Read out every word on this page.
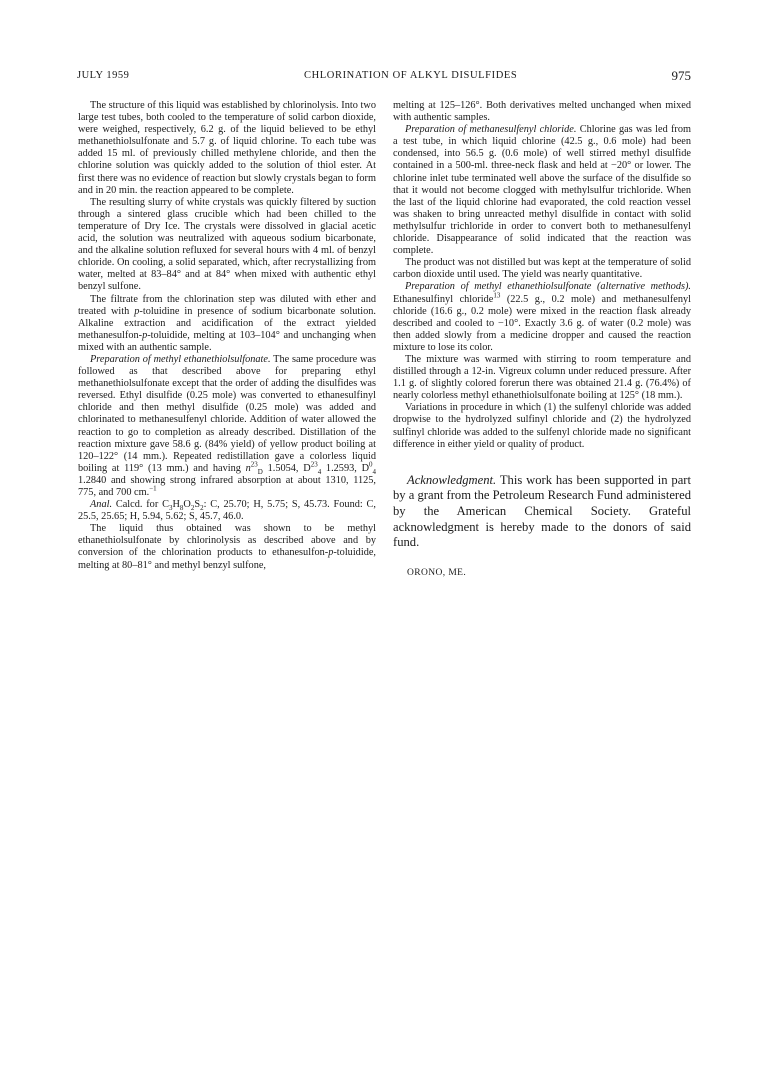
JULY 1959	CHLORINATION OF ALKYL DISULFIDES	975

The structure of this liquid was established by chlorinolysis. Into two large test tubes, both cooled to the temperature of solid carbon dioxide, were weighed, respectively, 6.2 g. of the liquid believed to be ethyl methanethiolsulfonate and 5.7 g. of liquid chlorine. To each tube was added 15 ml. of previously chilled methylene chloride, and then the chlorine solution was quickly added to the solution of thiol ester. At first there was no evidence of reaction but slowly crystals began to form and in 20 min. the reaction appeared to be complete.

The resulting slurry of white crystals was quickly filtered by suction through a sintered glass crucible which had been chilled to the temperature of Dry Ice. The crystals were dissolved in glacial acetic acid, the solution was neutralized with aqueous sodium bicarbonate, and the alkaline solution refluxed for several hours with 4 ml. of benzyl chloride. On cooling, a solid separated, which, after recrystallizing from water, melted at 83–84° and at 84° when mixed with authentic ethyl benzyl sulfone.

The filtrate from the chlorination step was diluted with ether and treated with p-toluidine in presence of sodium bicarbonate solution. Alkaline extraction and acidification of the extract yielded methanesulfon-p-toluidide, melting at 103–104° and unchanging when mixed with an authentic sample.

Preparation of methyl ethanethiolsulfonate. The same procedure was followed as that described above for preparing ethyl methanethiolsulfonate except that the order of adding the disulfides was reversed. Ethyl disulfide (0.25 mole) was converted to ethanesulfinyl chloride and then methyl disulfide (0.25 mole) was added and chlorinated to methanesulfenyl chloride. Addition of water allowed the reaction to go to completion as already described. Distillation of the reaction mixture gave 58.6 g. (84% yield) of yellow product boiling at 120–122° (14 mm.). Repeated redistillation gave a colorless liquid boiling at 119° (13 mm.) and having $n^{23}_D$ 1.5054, $D^{23}_4$ 1.2593, $D^0_4$ 1.2840 and showing strong infrared absorption at about 1310, 1125, 775, and 700 cm.$^{-1}$

Anal. Calcd. for $C_3H_8O_2S_2$: C, 25.70; H, 5.75; S, 45.73. Found: C, 25.5, 25.65; H, 5.94, 5.62; S, 45.7, 46.0.

The liquid thus obtained was shown to be methyl ethanethiolsulfonate by chlorinolysis as described above and by conversion of the chlorination products to ethanesulfon-p-toluidide, melting at 80–81° and methyl benzyl sulfone,

melting at 125–126°. Both derivatives melted unchanged when mixed with authentic samples.

Preparation of methanesulfenyl chloride. Chlorine gas was led from a test tube, in which liquid chlorine (42.5 g., 0.6 mole) had been condensed, into 56.5 g. (0.6 mole) of well stirred methyl disulfide contained in a 500-ml. three-neck flask and held at −20° or lower. The chlorine inlet tube terminated well above the surface of the disulfide so that it would not become clogged with methylsulfur trichloride. When the last of the liquid chlorine had evaporated, the cold reaction vessel was shaken to bring unreacted methyl disulfide in contact with solid methylsulfur trichloride in order to convert both to methanesulfenyl chloride. Disappearance of solid indicated that the reaction was complete.

The product was not distilled but was kept at the temperature of solid carbon dioxide until used. The yield was nearly quantitative.

Preparation of methyl ethanethiolsulfonate (alternative methods). Ethanesulfinyl chloride$^{13}$ (22.5 g., 0.2 mole) and methanesulfenyl chloride (16.6 g., 0.2 mole) were mixed in the reaction flask already described and cooled to −10°. Exactly 3.6 g. of water (0.2 mole) was then added slowly from a medicine dropper and caused the reaction mixture to lose its color.

The mixture was warmed with stirring to room temperature and distilled through a 12-in. Vigreux column under reduced pressure. After 1.1 g. of slightly colored forerun there was obtained 21.4 g. (76.4%) of nearly colorless methyl ethanethiolsulfonate boiling at 125° (18 mm.).

Variations in procedure in which (1) the sulfenyl chloride was added dropwise to the hydrolyzed sulfinyl chloride and (2) the hydrolyzed sulfinyl chloride was added to the sulfenyl chloride made no significant difference in either yield or quality of product.

Acknowledgment. This work has been supported in part by a grant from the Petroleum Research Fund administered by the American Chemical Society. Grateful acknowledgment is hereby made to the donors of said fund.

ORONO, ME.
